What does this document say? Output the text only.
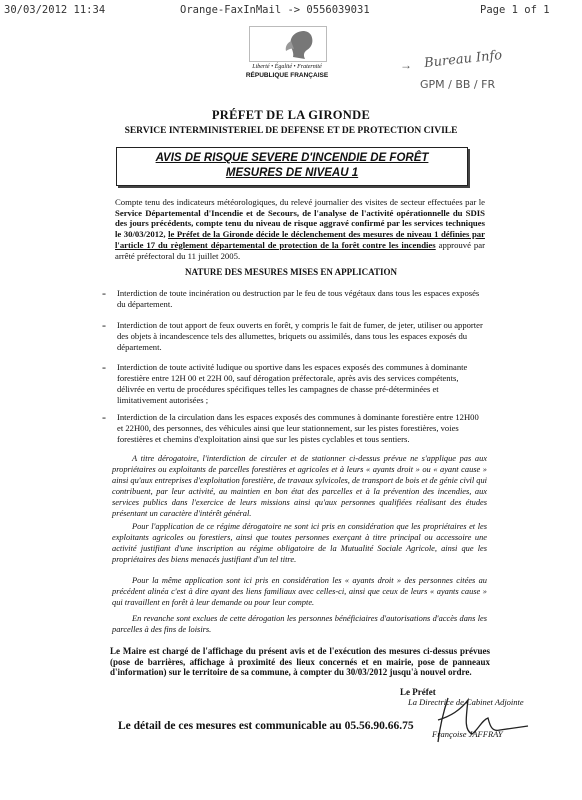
30/03/2012 11:34	Orange-FaxInMail -> 0556039031	Page 1 of 1
Liberté • Égalité • Fraternité
RÉPUBLIQUE FRANÇAISE
→ Bureau Info
GPM / BB / FR
PRÉFET DE LA GIRONDE
SERVICE INTERMINISTERIEL DE DEFENSE ET DE PROTECTION CIVILE
AVIS DE RISQUE SEVERE D'INCENDIE DE FORÊT
MESURES DE NIVEAU 1
Compte tenu des indicateurs météorologiques, du relevé journalier des visites de secteur effectuées par le Service Départemental d'Incendie et de Secours, de l'analyse de l'activité opérationnelle du SDIS des jours précédents, compte tenu du niveau de risque aggravé confirmé par les services techniques le 30/03/2012, le Préfet de la Gironde décide le déclenchement des mesures de niveau 1 définies par l'article 17 du règlement départemental de protection de la forêt contre les incendies approuvé par arrêté préfectoral du 11 juillet 2005.
NATURE DES MESURES MISES EN APPLICATION
- Interdiction de toute incinération ou destruction par le feu de tous végétaux dans tous les espaces exposés du département.
- Interdiction de tout apport de feux ouverts en forêt, y compris le fait de fumer, de jeter, utiliser ou apporter des objets à incandescence tels des allumettes, briquets ou assimilés, dans tous les espaces exposés du département.
- Interdiction de toute activité ludique ou sportive dans les espaces exposés des communes à dominante forestière entre 12H 00 et 22H 00, sauf dérogation préfectorale, après avis des services compétents, délivrée en vertu de procédures spécifiques telles les campagnes de chasse pré-déterminées et limitativement autorisées ;
- Interdiction de la circulation dans les espaces exposés des communes à dominante forestière entre 12H00 et 22H00, des personnes, des véhicules ainsi que leur stationnement, sur les pistes forestières, voies forestières et chemins d'exploitation ainsi que sur les pistes cyclables et tous sentiers.
A titre dérogatoire, l'interdiction de circuler et de stationner ci-dessus prévue ne s'applique pas aux propriétaires ou exploitants de parcelles forestières et agricoles et à leurs « ayants droit » ou « ayant cause » ainsi qu'aux entreprises d'exploitation forestière, de travaux sylvicoles, de transport de bois et de génie civil qui contribuent, par leur activité, au maintien en bon état des parcelles et à la prévention des incendies, aux services publics dans l'exercice de leurs missions ainsi qu'aux personnes qualifiées réalisant des études présentant un caractère d'intérêt général.
Pour l'application de ce régime dérogatoire ne sont ici pris en considération que les propriétaires et les exploitants agricoles ou forestiers, ainsi que toutes personnes exerçant à titre principal ou accessoire une activité justifiant d'une inscription au régime obligatoire de la Mutualité Sociale Agricole, ainsi que les propriétaires des biens menacés justifiant d'un tel titre.
Pour la même application sont ici pris en considération les « ayants droit » des personnes citées au précédent alinéa c'est à dire ayant des liens familiaux avec celles-ci, ainsi que ceux de leurs « ayants cause » qui travaillent en forêt à leur demande ou pour leur compte.
En revanche sont exclues de cette dérogation les personnes bénéficiaires d'autorisations d'accès dans les parcelles à des fins de loisirs.
Le Maire est chargé de l'affichage du présent avis et de l'exécution des mesures ci-dessus prévues (pose de barrières, affichage à proximité des lieux concernés et en mairie, pose de panneaux d'information) sur le territoire de sa commune, à compter du 30/03/2012 jusqu'à nouvel ordre.
Le Préfet
La Directrice de Cabinet Adjointe
Le détail de ces mesures est communicable au 05.56.90.66.75
Françoise JAFFRAY
